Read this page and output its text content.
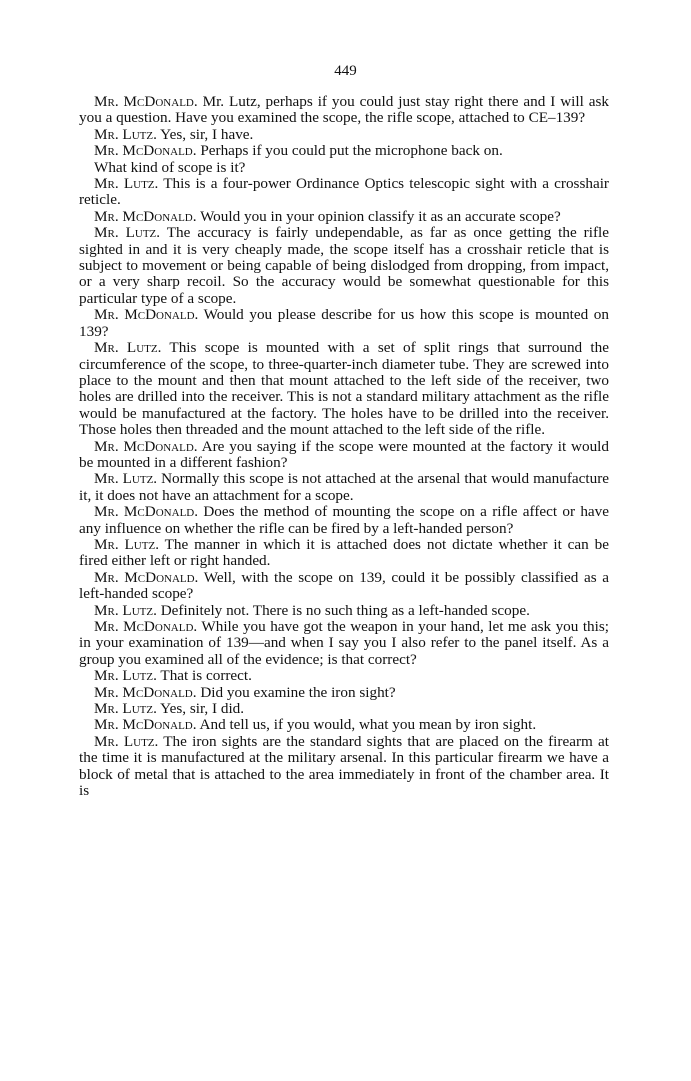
449

Mr. McDonald. Mr. Lutz, perhaps if you could just stay right there and I will ask you a question. Have you examined the scope, the rifle scope, attached to CE–139?

Mr. Lutz. Yes, sir, I have.

Mr. McDonald. Perhaps if you could put the microphone back on.

What kind of scope is it?

Mr. Lutz. This is a four-power Ordinance Optics telescopic sight with a crosshair reticle.

Mr. McDonald. Would you in your opinion classify it as an accurate scope?

Mr. Lutz. The accuracy is fairly undependable, as far as once getting the rifle sighted in and it is very cheaply made, the scope itself has a crosshair reticle that is subject to movement or being capable of being dislodged from dropping, from impact, or a very sharp recoil. So the accuracy would be somewhat questionable for this particular type of a scope.

Mr. McDonald. Would you please describe for us how this scope is mounted on 139?

Mr. Lutz. This scope is mounted with a set of split rings that surround the circumference of the scope, to three-quarter-inch diameter tube. They are screwed into place to the mount and then that mount attached to the left side of the receiver, two holes are drilled into the receiver. This is not a standard military attachment as the rifle would be manufactured at the factory. The holes have to be drilled into the receiver. Those holes then threaded and the mount attached to the left side of the rifle.

Mr. McDonald. Are you saying if the scope were mounted at the factory it would be mounted in a different fashion?

Mr. Lutz. Normally this scope is not attached at the arsenal that would manufacture it, it does not have an attachment for a scope.

Mr. McDonald. Does the method of mounting the scope on a rifle affect or have any influence on whether the rifle can be fired by a left-handed person?

Mr. Lutz. The manner in which it is attached does not dictate whether it can be fired either left or right handed.

Mr. McDonald. Well, with the scope on 139, could it be possibly classified as a left-handed scope?

Mr. Lutz. Definitely not. There is no such thing as a left-handed scope.

Mr. McDonald. While you have got the weapon in your hand, let me ask you this; in your examination of 139—and when I say you I also refer to the panel itself. As a group you examined all of the evidence; is that correct?

Mr. Lutz. That is correct.

Mr. McDonald. Did you examine the iron sight?

Mr. Lutz. Yes, sir, I did.

Mr. McDonald. And tell us, if you would, what you mean by iron sight.

Mr. Lutz. The iron sights are the standard sights that are placed on the firearm at the time it is manufactured at the military arsenal. In this particular firearm we have a block of metal that is attached to the area immediately in front of the chamber area. It is
